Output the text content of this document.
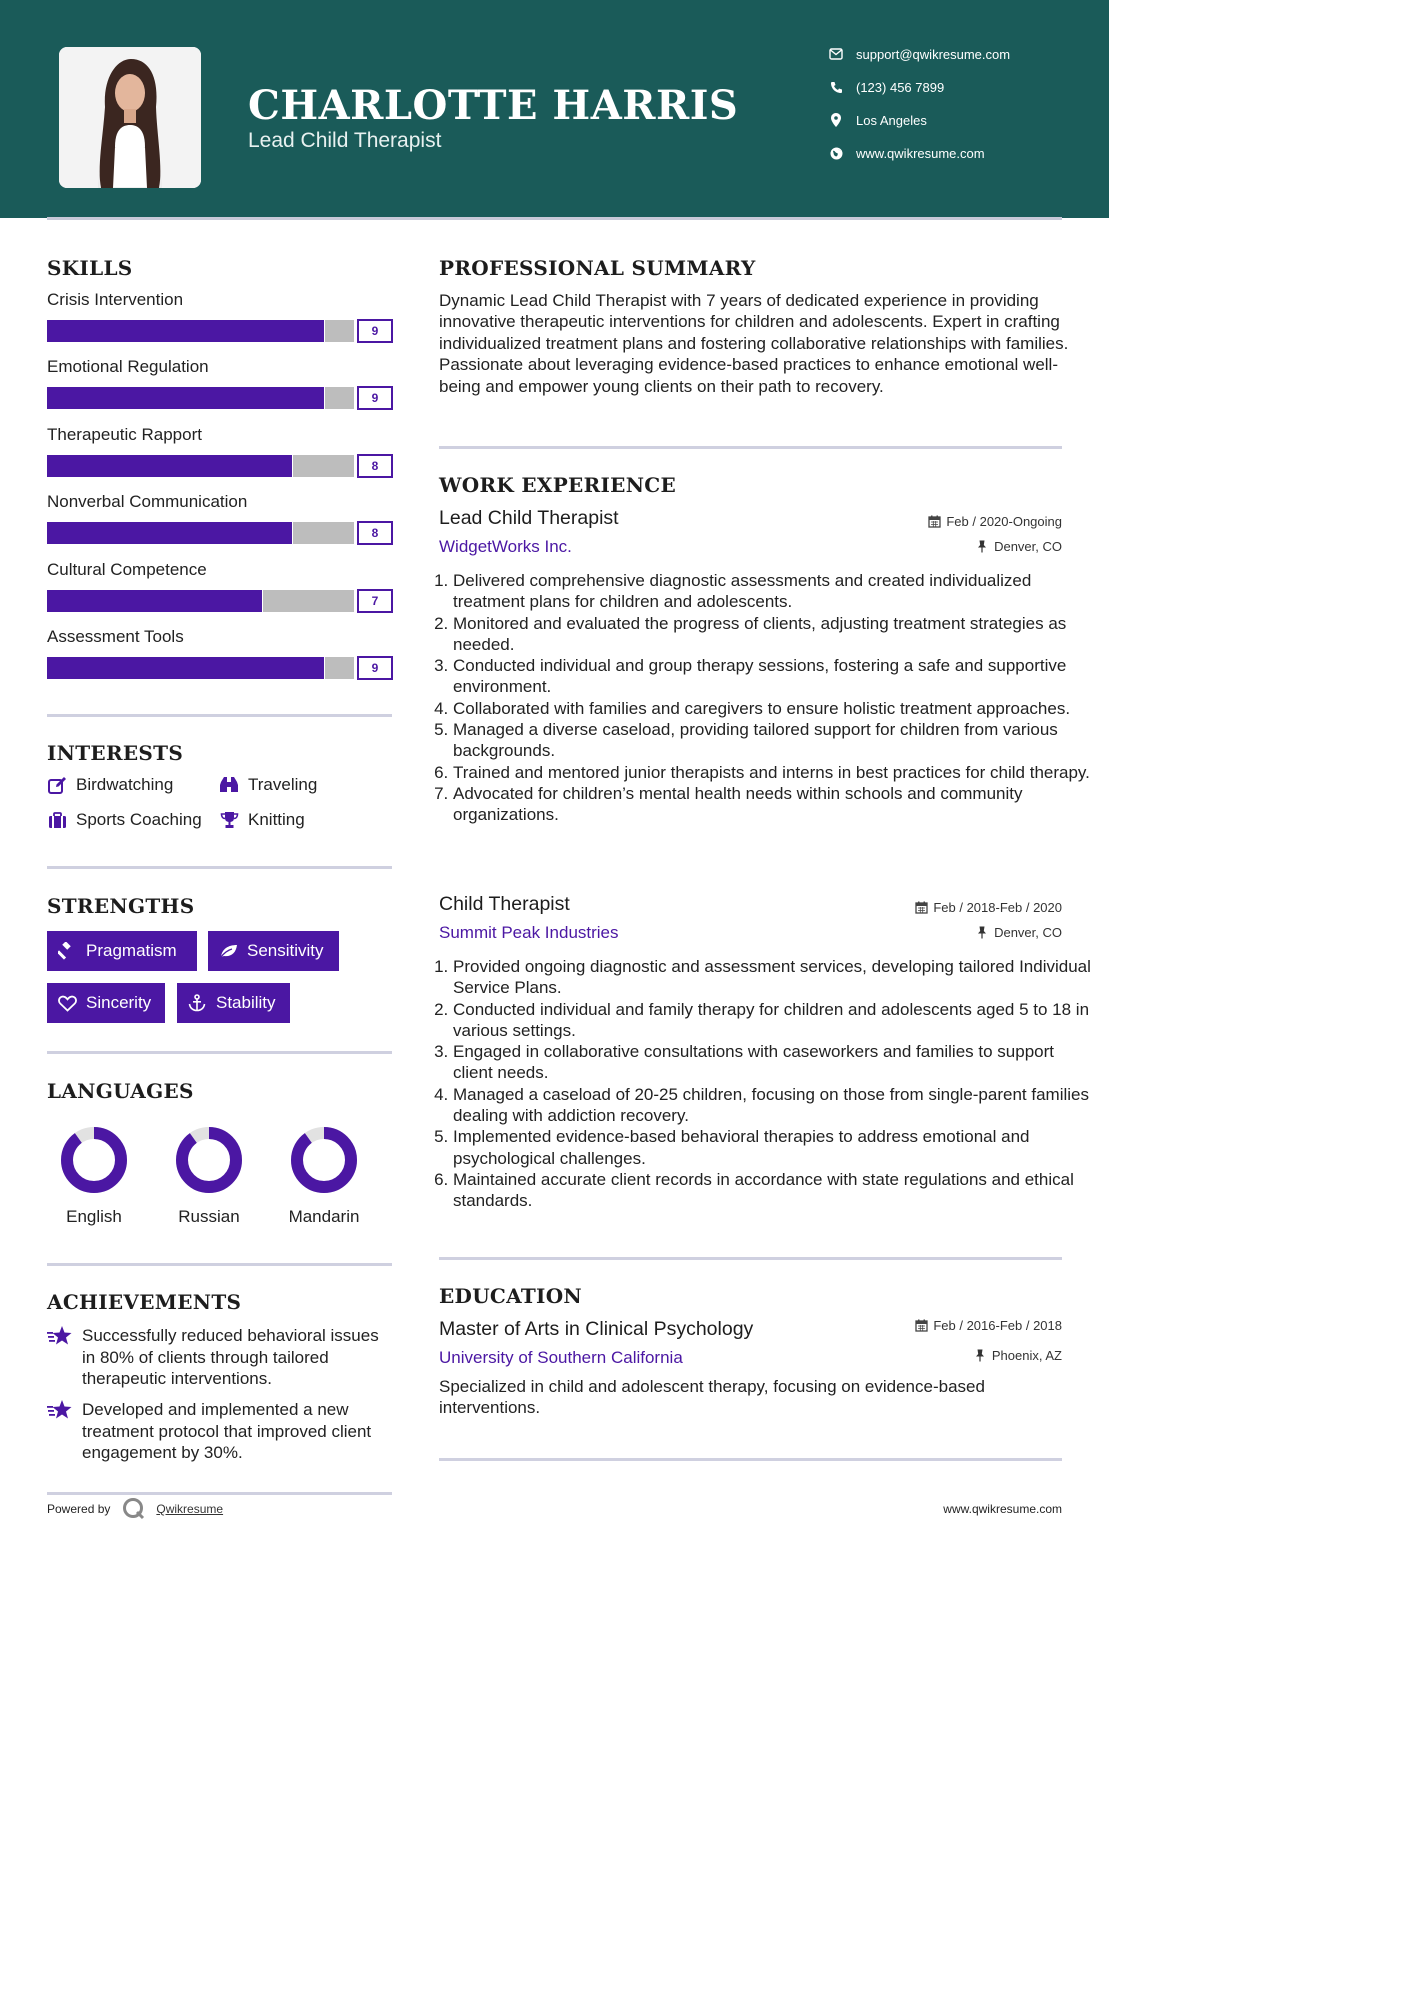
CHARLOTTE HARRIS
Lead Child Therapist
support@qwikresume.com
(123) 456 7899
Los Angeles
www.qwikresume.com
SKILLS
Crisis Intervention
9
Emotional Regulation
9
Therapeutic Rapport
8
Nonverbal Communication
8
Cultural Competence
7
Assessment Tools
9
INTERESTS
Birdwatching	Traveling
Sports Coaching	Knitting
STRENGTHS
Pragmatism	Sensitivity
Sincerity	Stability
LANGUAGES
English	Russian	Mandarin
ACHIEVEMENTS
Successfully reduced behavioral issues in 80% of clients through tailored therapeutic interventions.
Developed and implemented a new treatment protocol that improved client engagement by 30%.
PROFESSIONAL SUMMARY
Dynamic Lead Child Therapist with 7 years of dedicated experience in providing innovative therapeutic interventions for children and adolescents. Expert in crafting individualized treatment plans and fostering collaborative relationships with families. Passionate about leveraging evidence-based practices to enhance emotional well-being and empower young clients on their path to recovery.
WORK EXPERIENCE
Lead Child Therapist	Feb / 2020-Ongoing
WidgetWorks Inc.	Denver, CO
1. Delivered comprehensive diagnostic assessments and created individualized treatment plans for children and adolescents.
2. Monitored and evaluated the progress of clients, adjusting treatment strategies as needed.
3. Conducted individual and group therapy sessions, fostering a safe and supportive environment.
4. Collaborated with families and caregivers to ensure holistic treatment approaches.
5. Managed a diverse caseload, providing tailored support for children from various backgrounds.
6. Trained and mentored junior therapists and interns in best practices for child therapy.
7. Advocated for children’s mental health needs within schools and community organizations.
Child Therapist	Feb / 2018-Feb / 2020
Summit Peak Industries	Denver, CO
1. Provided ongoing diagnostic and assessment services, developing tailored Individual Service Plans.
2. Conducted individual and family therapy for children and adolescents aged 5 to 18 in various settings.
3. Engaged in collaborative consultations with caseworkers and families to support client needs.
4. Managed a caseload of 20-25 children, focusing on those from single-parent families dealing with addiction recovery.
5. Implemented evidence-based behavioral therapies to address emotional and psychological challenges.
6. Maintained accurate client records in accordance with state regulations and ethical standards.
EDUCATION
Master of Arts in Clinical Psychology	Feb / 2016-Feb / 2018
University of Southern California	Phoenix, AZ
Specialized in child and adolescent therapy, focusing on evidence-based interventions.
Powered by	Qwikresume	www.qwikresume.com
